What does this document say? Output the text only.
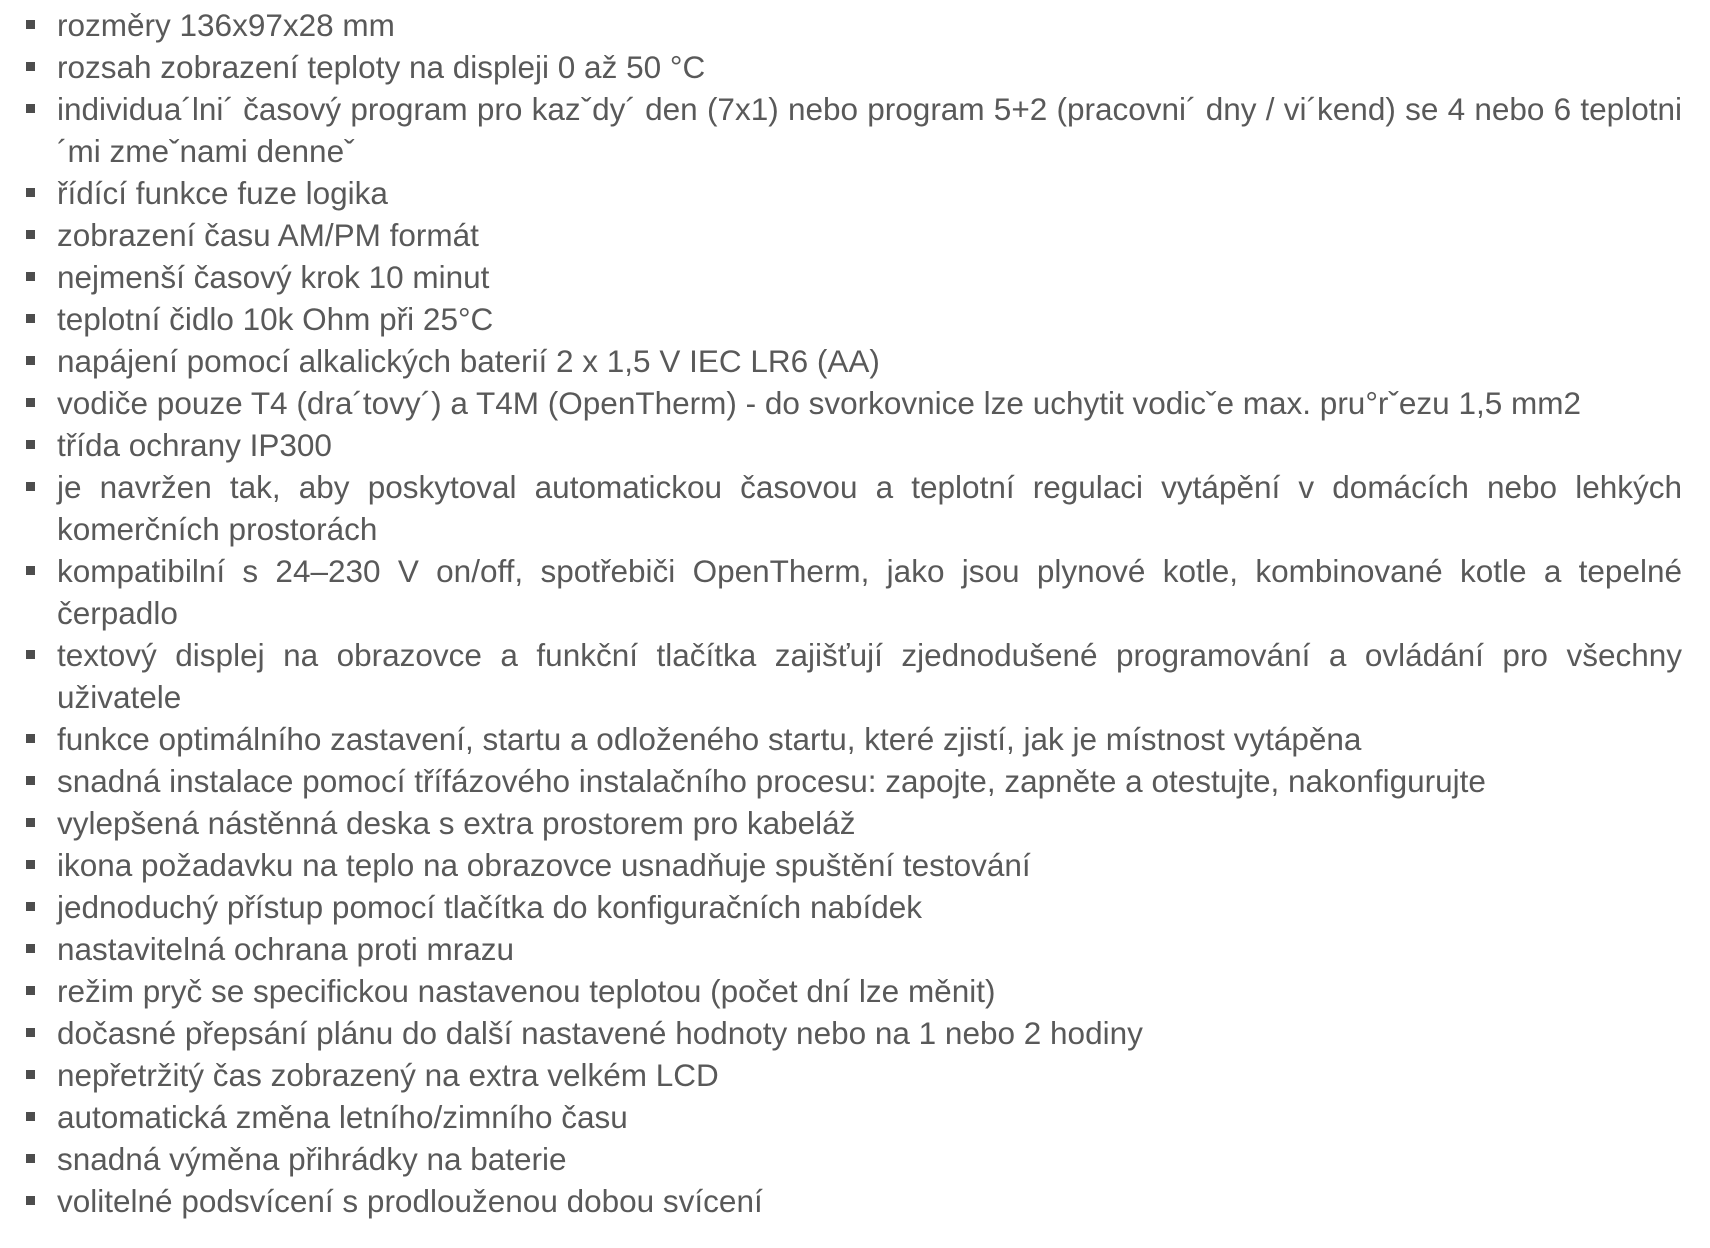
rozměry 136x97x28 mm
rozsah zobrazení teploty na displeji 0 až 50 °C
individua´lni´ časový program pro kazˇdy´ den (7x1) nebo program 5+2 (pracovni´ dny / vi´kend) se 4 nebo 6 teplotni´mi zmeˇnami denneˇ
řídící funkce fuze logika
zobrazení času AM/PM formát
nejmenší časový krok 10 minut
teplotní čidlo 10k Ohm při 25°C
napájení pomocí alkalických baterií 2 x 1,5 V IEC LR6 (AA)
vodiče pouze T4 (dra´tovy´) a T4M (OpenTherm) - do svorkovnice lze uchytit vodicˇe max. pru°rˇezu 1,5 mm2
třída ochrany IP300
je navržen tak, aby poskytoval automatickou časovou a teplotní regulaci vytápění v domácích nebo lehkých komerčních prostorách
kompatibilní s 24–230 V on/off, spotřebiči OpenTherm, jako jsou plynové kotle, kombinované kotle a tepelné čerpadlo
textový displej na obrazovce a funkční tlačítka zajišťují zjednodušené programování a ovládání pro všechny uživatele
funkce optimálního zastavení, startu a odloženého startu, které zjistí, jak je místnost vytápěna
snadná instalace pomocí třífázového instalačního procesu: zapojte, zapněte a otestujte, nakonfigurujte
vylepšená nástěnná deska s extra prostorem pro kabeláž
ikona požadavku na teplo na obrazovce usnadňuje spuštění testování
jednoduchý přístup pomocí tlačítka do konfiguračních nabídek
nastavitelná ochrana proti mrazu
režim pryč se specifickou nastavenou teplotou (počet dní lze měnit)
dočasné přepsání plánu do další nastavené hodnoty nebo na 1 nebo 2 hodiny
nepřetržitý čas zobrazený na extra velkém LCD
automatická změna letního/zimního času
snadná výměna přihrádky na baterie
volitelné podsvícení s prodlouženou dobou svícení
